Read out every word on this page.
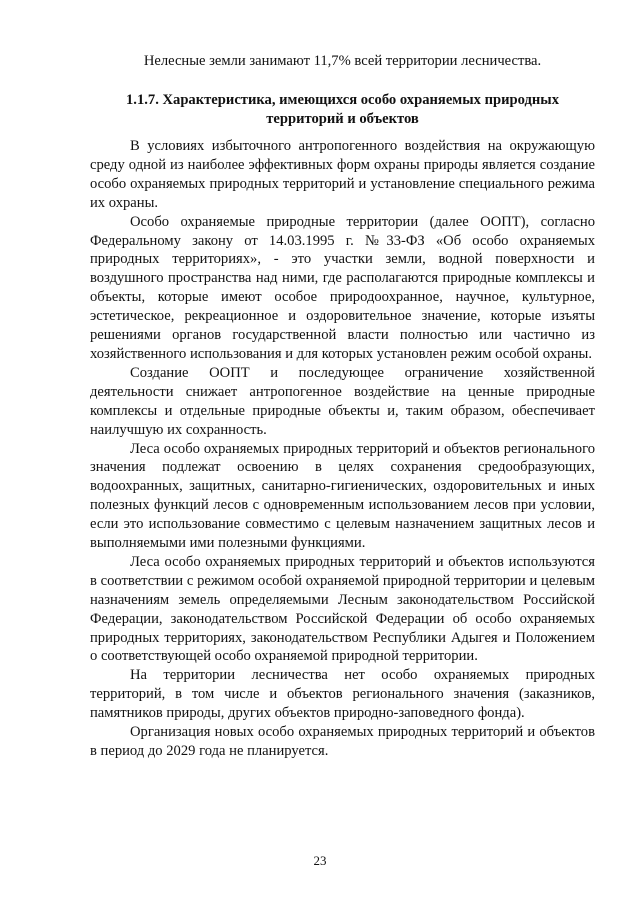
Нелесные земли занимают 11,7% всей территории лесничества.
1.1.7. Характеристика, имеющихся особо охраняемых природных территорий и объектов

В условиях избыточного антропогенного воздействия на окружающую среду одной из наиболее эффективных форм охраны природы является создание особо охраняемых природных территорий и установление специального режима их охраны.

Особо охраняемые природные территории (далее ООПТ), согласно Федеральному закону от 14.03.1995 г. №33-ФЗ «Об особо охраняемых природных территориях», - это участки земли, водной поверхности и воздушного пространства над ними, где располагаются природные комплексы и объекты, которые имеют особое природоохранное, научное, культурное, эстетическое, рекреационное и оздоровительное значение, которые изъяты решениями органов государственной власти полностью или частично из хозяйственного использования и для которых установлен режим особой охраны.

Создание ООПТ и последующее ограничение хозяйственной деятельности снижает антропогенное воздействие на ценные природные комплексы и отдельные природные объекты и, таким образом, обеспечивает наилучшую их сохранность.

Леса особо охраняемых природных территорий и объектов регионального значения подлежат освоению в целях сохранения средообразующих, водоохранных, защитных, санитарно-гигиенических, оздоровительных и иных полезных функций лесов с одновременным использованием лесов при условии, если это использование совместимо с целевым назначением защитных лесов и выполняемыми ими полезными функциями.

Леса особо охраняемых природных территорий и объектов используются в соответствии с режимом особой охраняемой природной территории и целевым назначениям земель определяемыми Лесным законодательством Российской Федерации, законодательством Российской Федерации об особо охраняемых природных территориях, законодательством Республики Адыгея и Положением о соответствующей особо охраняемой природной территории.

На территории лесничества нет особо охраняемых природных территорий, в том числе и объектов регионального значения (заказников, памятников природы, других объектов природно-заповедного фонда).

Организация новых особо охраняемых природных территорий и объектов в период до 2029 года не планируется.

23
